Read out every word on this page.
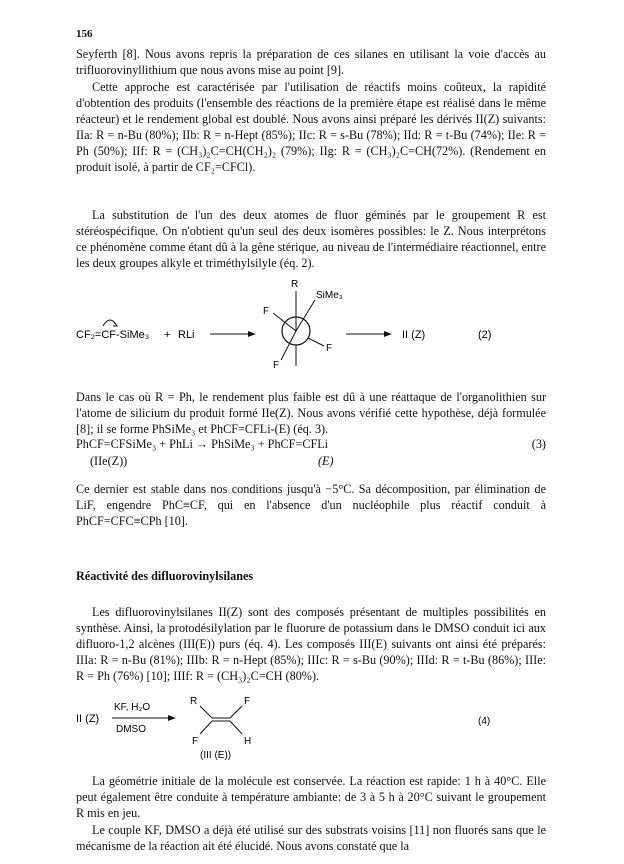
156

Seyferth [8]. Nous avons repris la préparation de ces silanes en utilisant la voie d'accès au trifluorovinyllithium que nous avons mise au point [9].

Cette approche est caractérisée par l'utilisation de réactifs moins coûteux, la rapidité d'obtention des produits (l'ensemble des réactions de la première étape est réalisé dans le même réacteur) et le rendement global est doublé. Nous avons ainsi préparé les dérivés II(Z) suivants: IIa: R = n-Bu (80%); IIb: R = n-Hept (85%); IIc: R = s-Bu (78%); IId: R = t-Bu (74%); IIe: R = Ph (50%); IIf: R = (CH₃)₂C=CH(CH₂)₂ (79%); IIg: R = (CH₃)₂C=CH(72%). (Rendement en produit isolé, à partir de CF₂=CFCl).

La substitution de l'un des deux atomes de fluor géminés par le groupement R est stéréospécifique. On n'obtient qu'un seul des deux isomères possibles: le Z. Nous interprétons ce phénomène comme étant dû à la gêne stérique, au niveau de l'intermédiaire réactionnel, entre les deux groupes alkyle et triméthylsilyle (éq. 2).

CF₂=CF-SiMe₃ + RLi
R
SiMe₃
F
F
F
II (Z)	(2)

Dans le cas où R = Ph, le rendement plus faible est dû à une réattaque de l'organolithien sur l'atome de silicium du produit formé IIe(Z). Nous avons vérifié cette hypothèse, déjà formulée [8]; il se forme PhSiMe₃ et PhCF=CFLi-(E) (éq. 3).

PhCF=CFSiMe₃ + PhLi → PhSiMe₃ + PhCF=CFLi	(3)
(IIe(Z))	(E)

Ce dernier est stable dans nos conditions jusqu'à −5°C. Sa décomposition, par élimination de LiF, engendre PhC≡CF, qui en l'absence d'un nucléophile plus réactif conduit à PhCF=CFC≡CPh [10].

Réactivité des difluorovinylsilanes

Les difluorovinylsilanes II(Z) sont des composés présentant de multiples possibilités en synthèse. Ainsi, la protodésilylation par le fluorure de potassium dans le DMSO conduit ici aux difluoro-1,2 alcènes (III(E)) purs (éq. 4). Les composés III(E) suivants ont ainsi été préparés: IIIa: R = n-Bu (81%); IIIb: R = n-Hept (85%); IIIc: R = s-Bu (90%); IIId: R = t-Bu (86%); IIIe: R = Ph (76%) [10]; IIIf: R = (CH₃)₂C=CH (80%).

II (Z)
KF, H₂O
DMSO
R	F
F	H
(III (E))
(4)

La géométrie initiale de la molécule est conservée. La réaction est rapide: 1 h à 40°C. Elle peut également être conduite à température ambiante: de 3 à 5 h à 20°C suivant le groupement R mis en jeu.

Le couple KF, DMSO a déjà été utilisé sur des substrats voisins [11] non fluorés sans que le mécanisme de la réaction ait été élucidé. Nous avons constaté que la
